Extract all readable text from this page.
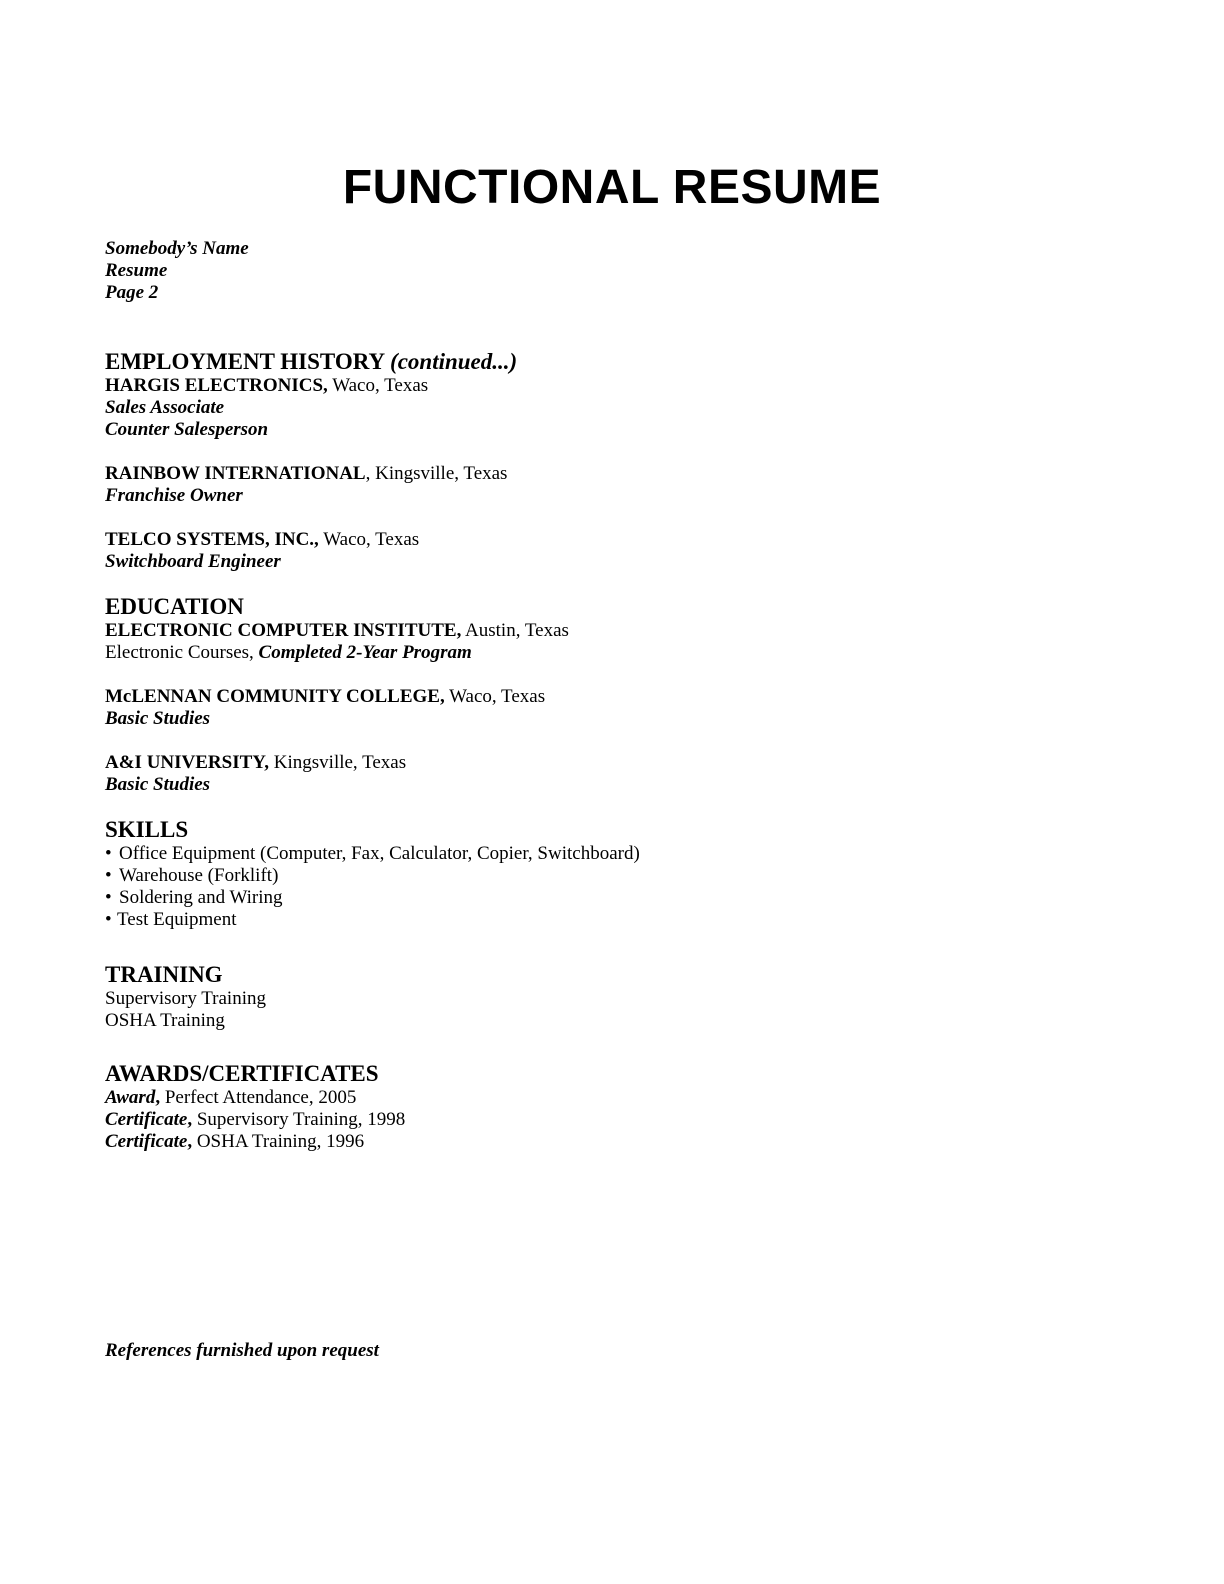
FUNCTIONAL RESUME
Somebody’s Name
Resume
Page 2
EMPLOYMENT HISTORY (continued...)
HARGIS ELECTRONICS, Waco, Texas
Sales Associate
Counter Salesperson
RAINBOW INTERNATIONAL, Kingsville, Texas
Franchise Owner
TELCO SYSTEMS, INC., Waco, Texas
Switchboard Engineer
EDUCATION
ELECTRONIC COMPUTER INSTITUTE, Austin, Texas
Electronic Courses, Completed 2-Year Program
McLENNAN COMMUNITY COLLEGE, Waco, Texas
Basic Studies
A&I UNIVERSITY, Kingsville, Texas
Basic Studies
SKILLS
• Office Equipment (Computer, Fax, Calculator, Copier, Switchboard)
• Warehouse (Forklift)
• Soldering and Wiring
• Test Equipment
TRAINING
Supervisory Training
OSHA Training
AWARDS/CERTIFICATES
Award, Perfect Attendance, 2005
Certificate, Supervisory Training, 1998
Certificate, OSHA Training, 1996
References furnished upon request
